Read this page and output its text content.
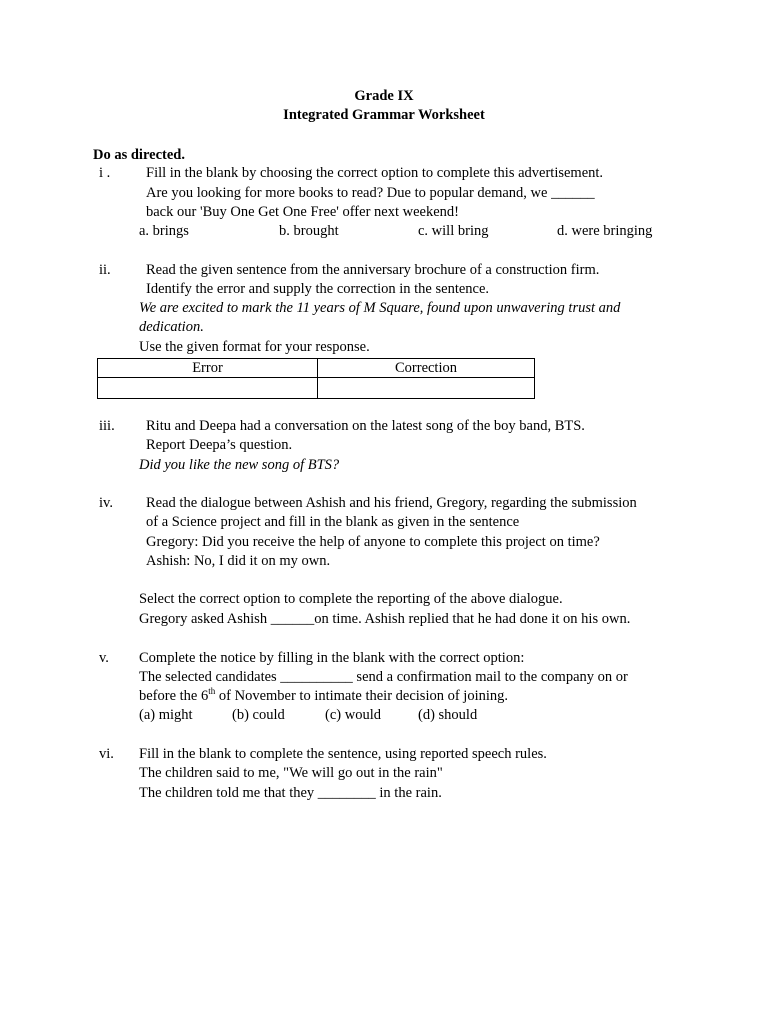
Grade IX
Integrated Grammar Worksheet
Do as directed.
i . Fill in the blank by choosing the correct option to complete this advertisement.
Are you looking for more books to read? Due to popular demand, we ______
back our 'Buy One Get One Free' offer next weekend!
a. brings	b. brought	c. will bring	d. were bringing
ii. Read the given sentence from the anniversary brochure of a construction firm.
Identify the error and supply the correction in the sentence.
We are excited to mark the 11 years of M Square, found upon unwavering trust and
dedication.
Use the given format for your response.
Error	Correction

iii. Ritu and Deepa had a conversation on the latest song of the boy band, BTS.
Report Deepa’s question.
Did you like the new song of BTS?
iv. Read the dialogue between Ashish and his friend, Gregory, regarding the submission
of a Science project and fill in the blank as given in the sentence
Gregory: Did you receive the help of anyone to complete this project on time?
Ashish: No, I did it on my own.
Select the correct option to complete the reporting of the above dialogue.
Gregory asked Ashish ______on time. Ashish replied that he had done it on his own.
v. Complete the notice by filling in the blank with the correct option:
The selected candidates __________ send a confirmation mail to the company on or
before the 6th of November to intimate their decision of joining.
(a) might	(b) could	(c) would	(d) should
vi. Fill in the blank to complete the sentence, using reported speech rules.
The children said to me, "We will go out in the rain"
The children told me that they ________ in the rain.
